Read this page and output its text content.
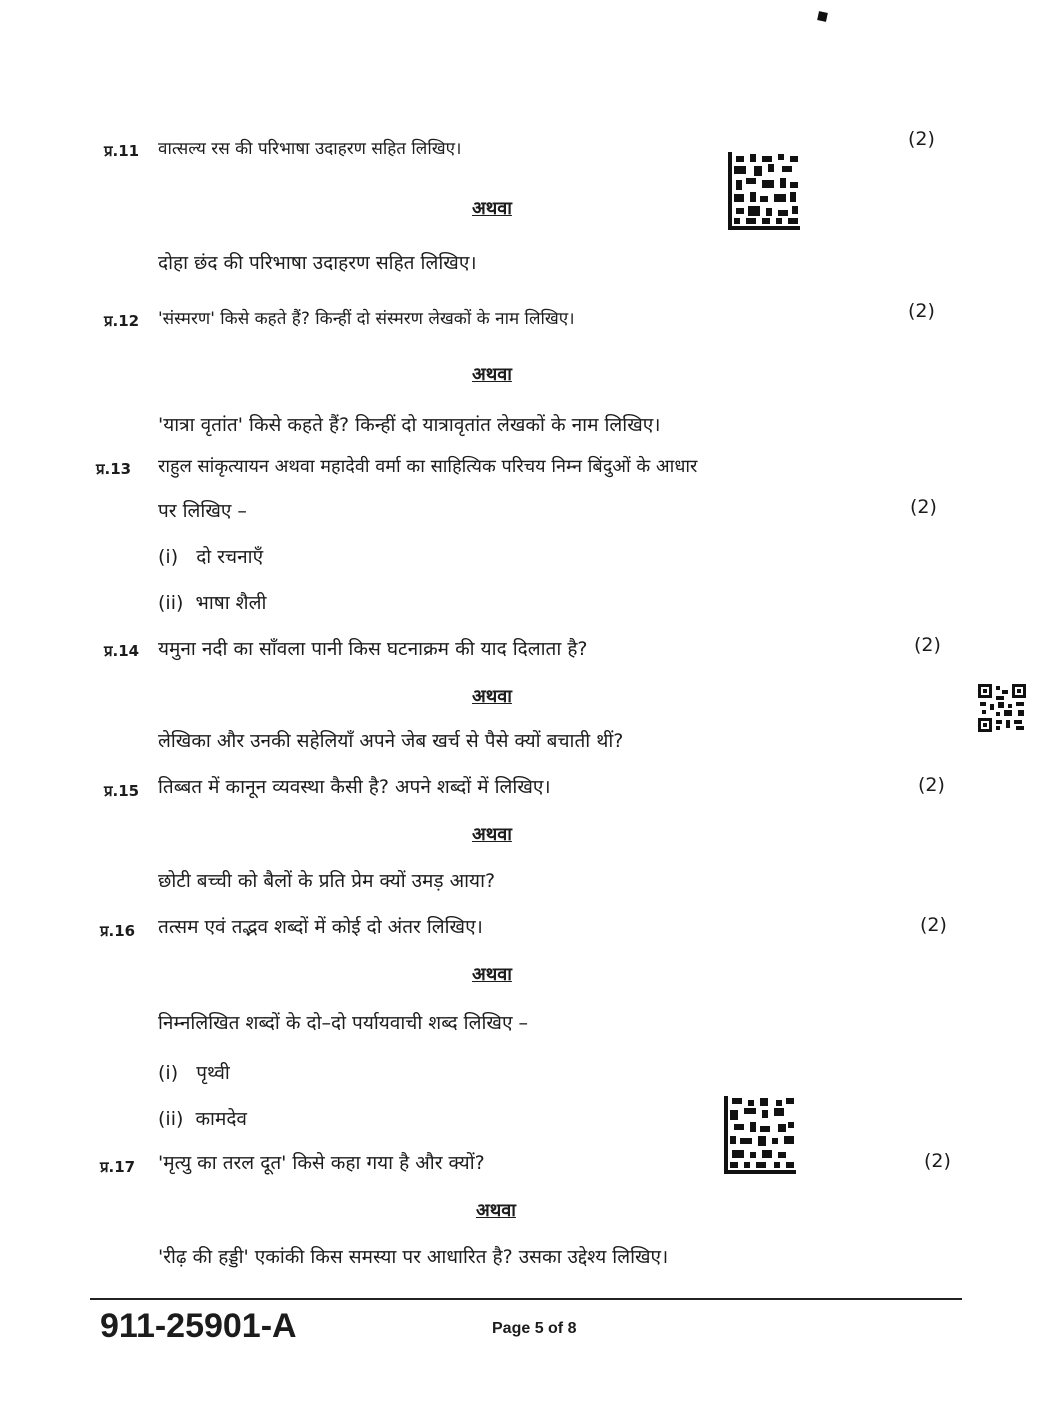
प्र.11 वात्सल्य रस की परिभाषा उदाहरण सहित लिखिए।	(2)
अथवा
दोहा छंद की परिभाषा उदाहरण सहित लिखिए।
प्र.12 'संस्मरण' किसे कहते हैं? किन्हीं दो संस्मरण लेखकों के नाम लिखिए।	(2)
अथवा
'यात्रा वृतांत' किसे कहते हैं? किन्हीं दो यात्रावृतांत लेखकों के नाम लिखिए।
प्र.13 राहुल सांकृत्यायन अथवा महादेवी वर्मा का साहित्यिक परिचय निम्न बिंदुओं के आधार
पर लिखिए –	(2)
(i)   दो रचनाएँ
(ii)  भाषा शैली
प्र.14 यमुना नदी का साँवला पानी किस घटनाक्रम की याद दिलाता है?	(2)
अथवा
लेखिका और उनकी सहेलियाँ अपने जेब खर्च से पैसे क्यों बचाती थीं?
प्र.15 तिब्बत में कानून व्यवस्था कैसी है? अपने शब्दों में लिखिए।	(2)
अथवा
छोटी बच्ची को बैलों के प्रति प्रेम क्यों उमड़ आया?
प्र.16 तत्सम एवं तद्भव शब्दों में कोई दो अंतर लिखिए।	(2)
अथवा
निम्नलिखित शब्दों के दो–दो पर्यायवाची शब्द लिखिए –
(i)   पृथ्वी
(ii)  कामदेव
प्र.17 'मृत्यु का तरल दूत' किसे कहा गया है और क्यों?	(2)
अथवा
'रीढ़ की हड्डी' एकांकी किस समस्या पर आधारित है? उसका उद्देश्य लिखिए।
911-25901-A	Page 5 of 8
